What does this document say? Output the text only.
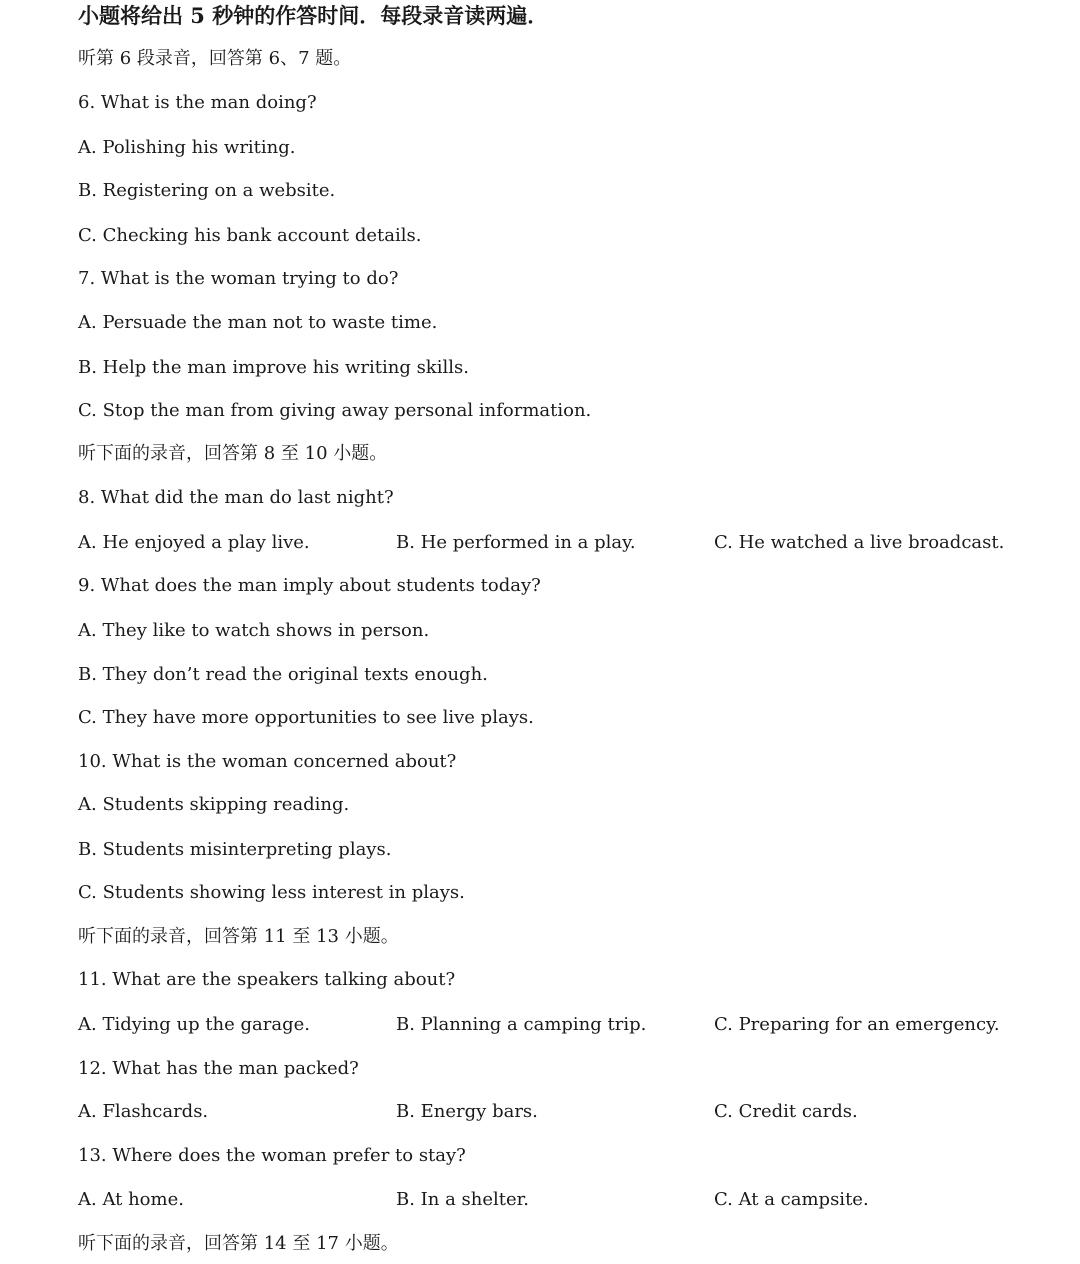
小题将给出 5 秒钟的作答时间．每段录音读两遍．
听第 6 段录音，回答第 6、7 题。
6. What is the man doing?
A. Polishing his writing.
B. Registering on a website.
C. Checking his bank account details.
7. What is the woman trying to do?
A. Persuade the man not to waste time.
B. Help the man improve his writing skills.
C. Stop the man from giving away personal information.
听下面的录音，回答第 8 至 10 小题。
8. What did the man do last night?
A. He enjoyed a play live.	B. He performed in a play.	C. He watched a live broadcast.
9. What does the man imply about students today?
A. They like to watch shows in person.
B. They don’t read the original texts enough.
C. They have more opportunities to see live plays.
10. What is the woman concerned about?
A. Students skipping reading.
B. Students misinterpreting plays.
C. Students showing less interest in plays.
听下面的录音，回答第 11 至 13 小题。
11. What are the speakers talking about?
A. Tidying up the garage.	B. Planning a camping trip.	C. Preparing for an emergency.
12. What has the man packed?
A. Flashcards.	B. Energy bars.	C. Credit cards.
13. Where does the woman prefer to stay?
A. At home.	B. In a shelter.	C. At a campsite.
听下面的录音，回答第 14 至 17 小题。
